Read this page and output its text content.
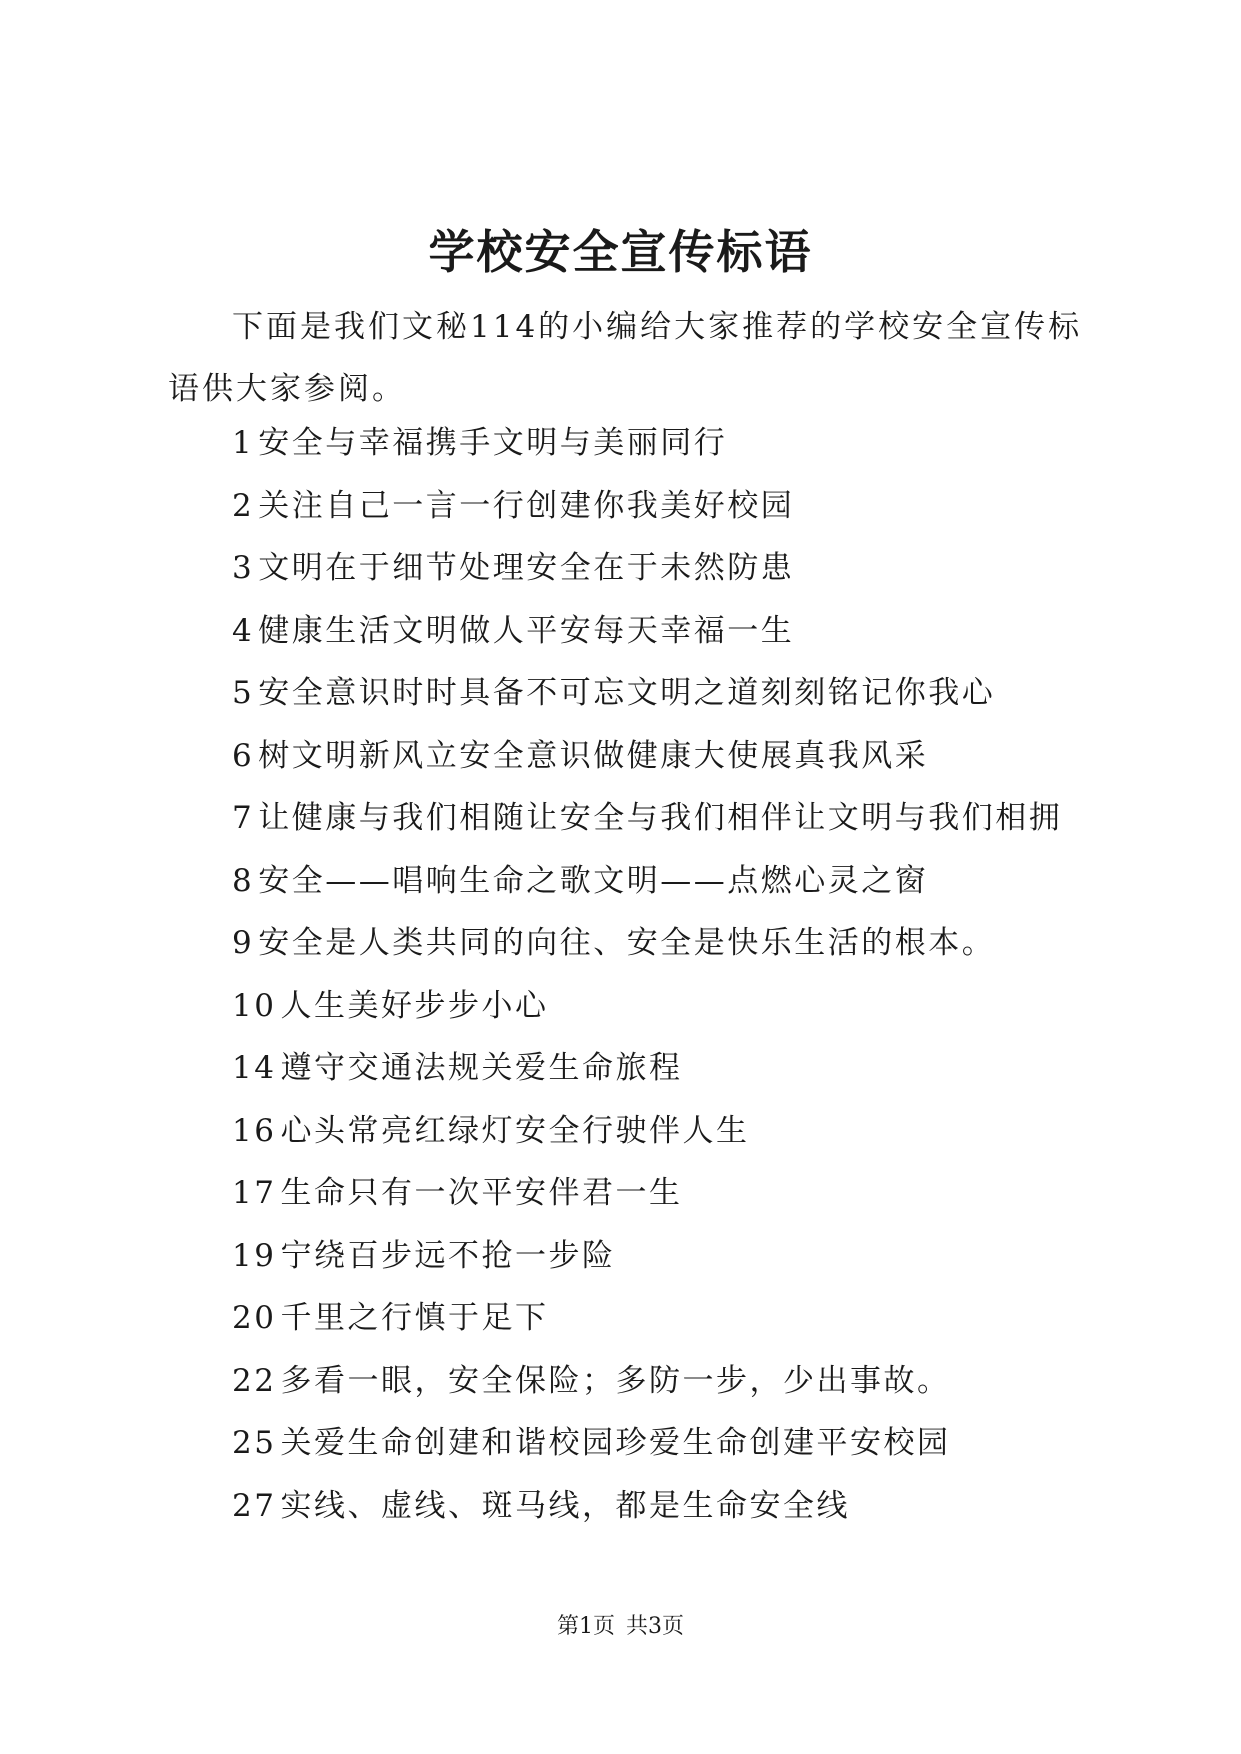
学校安全宣传标语

下面是我们文秘114的小编给大家推荐的学校安全宣传标语供大家参阅。

1 安全与幸福携手文明与美丽同行
2 关注自己一言一行创建你我美好校园
3 文明在于细节处理安全在于未然防患
4 健康生活文明做人平安每天幸福一生
5 安全意识时时具备不可忘文明之道刻刻铭记你我心
6 树文明新风立安全意识做健康大使展真我风采
7 让健康与我们相随让安全与我们相伴让文明与我们相拥
8 安全——唱响生命之歌文明——点燃心灵之窗
9 安全是人类共同的向往、安全是快乐生活的根本。
10 人生美好步步小心
14 遵守交通法规关爱生命旅程
16 心头常亮红绿灯安全行驶伴人生
17 生命只有一次平安伴君一生
19 宁绕百步远不抢一步险
20 千里之行慎于足下
22 多看一眼，安全保险；多防一步，少出事故。
25 关爱生命创建和谐校园珍爱生命创建平安校园
27 实线、虚线、斑马线，都是生命安全线
第1页 共3页
